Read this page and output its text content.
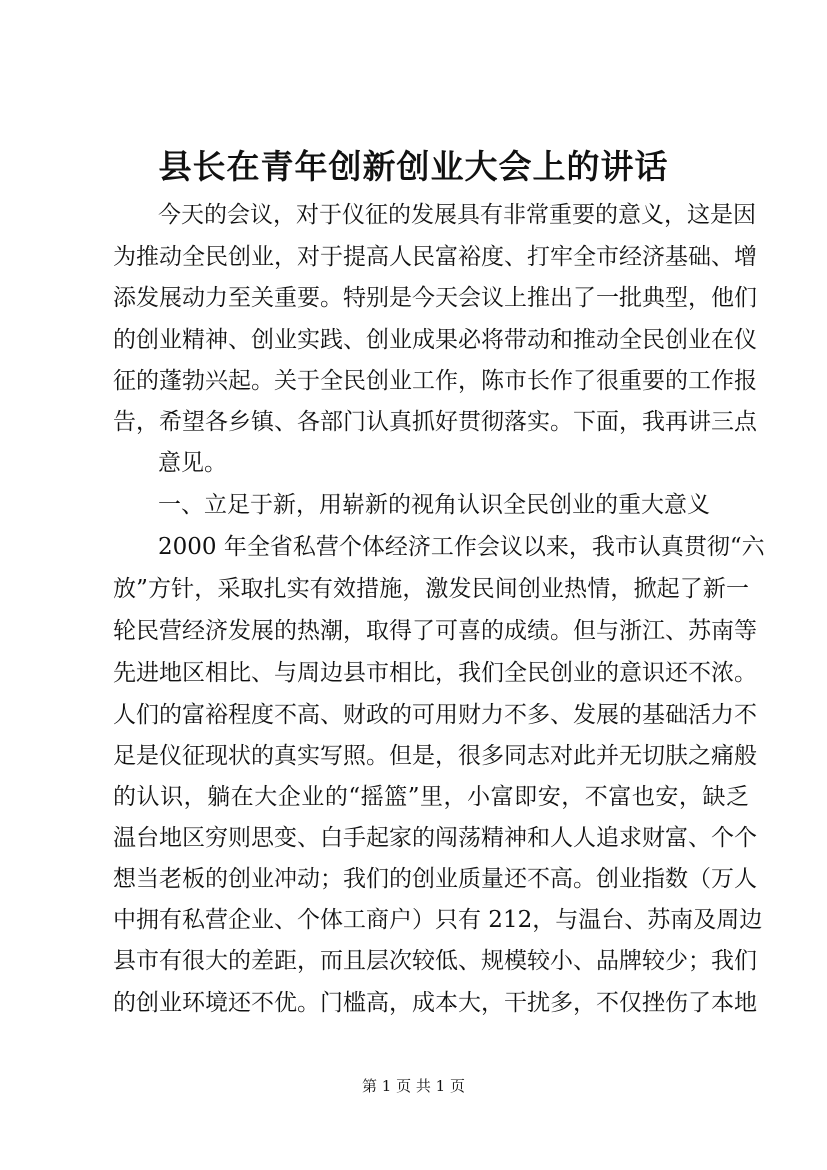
县长在青年创新创业大会上的讲话
今天的会议，对于仪征的发展具有非常重要的意义，这是因
为推动全民创业，对于提高人民富裕度、打牢全市经济基础、增
添发展动力至关重要。特别是今天会议上推出了一批典型，他们
的创业精神、创业实践、创业成果必将带动和推动全民创业在仪
征的蓬勃兴起。关于全民创业工作，陈市长作了很重要的工作报
告，希望各乡镇、各部门认真抓好贯彻落实。下面，我再讲三点
意见。
一、立足于新，用崭新的视角认识全民创业的重大意义
2000 年全省私营个体经济工作会议以来，我市认真贯彻“六
放”方针，采取扎实有效措施，激发民间创业热情，掀起了新一
轮民营经济发展的热潮，取得了可喜的成绩。但与浙江、苏南等
先进地区相比、与周边县市相比，我们全民创业的意识还不浓。
人们的富裕程度不高、财政的可用财力不多、发展的基础活力不
足是仪征现状的真实写照。但是，很多同志对此并无切肤之痛般
的认识，躺在大企业的“摇篮”里，小富即安，不富也安，缺乏
温台地区穷则思变、白手起家的闯荡精神和人人追求财富、个个
想当老板的创业冲动；我们的创业质量还不高。创业指数（万人
中拥有私营企业、个体工商户）只有 212，与温台、苏南及周边
县市有很大的差距，而且层次较低、规模较小、品牌较少；我们
的创业环境还不优。门槛高，成本大，干扰多，不仅挫伤了本地
第 1 页 共 1 页
